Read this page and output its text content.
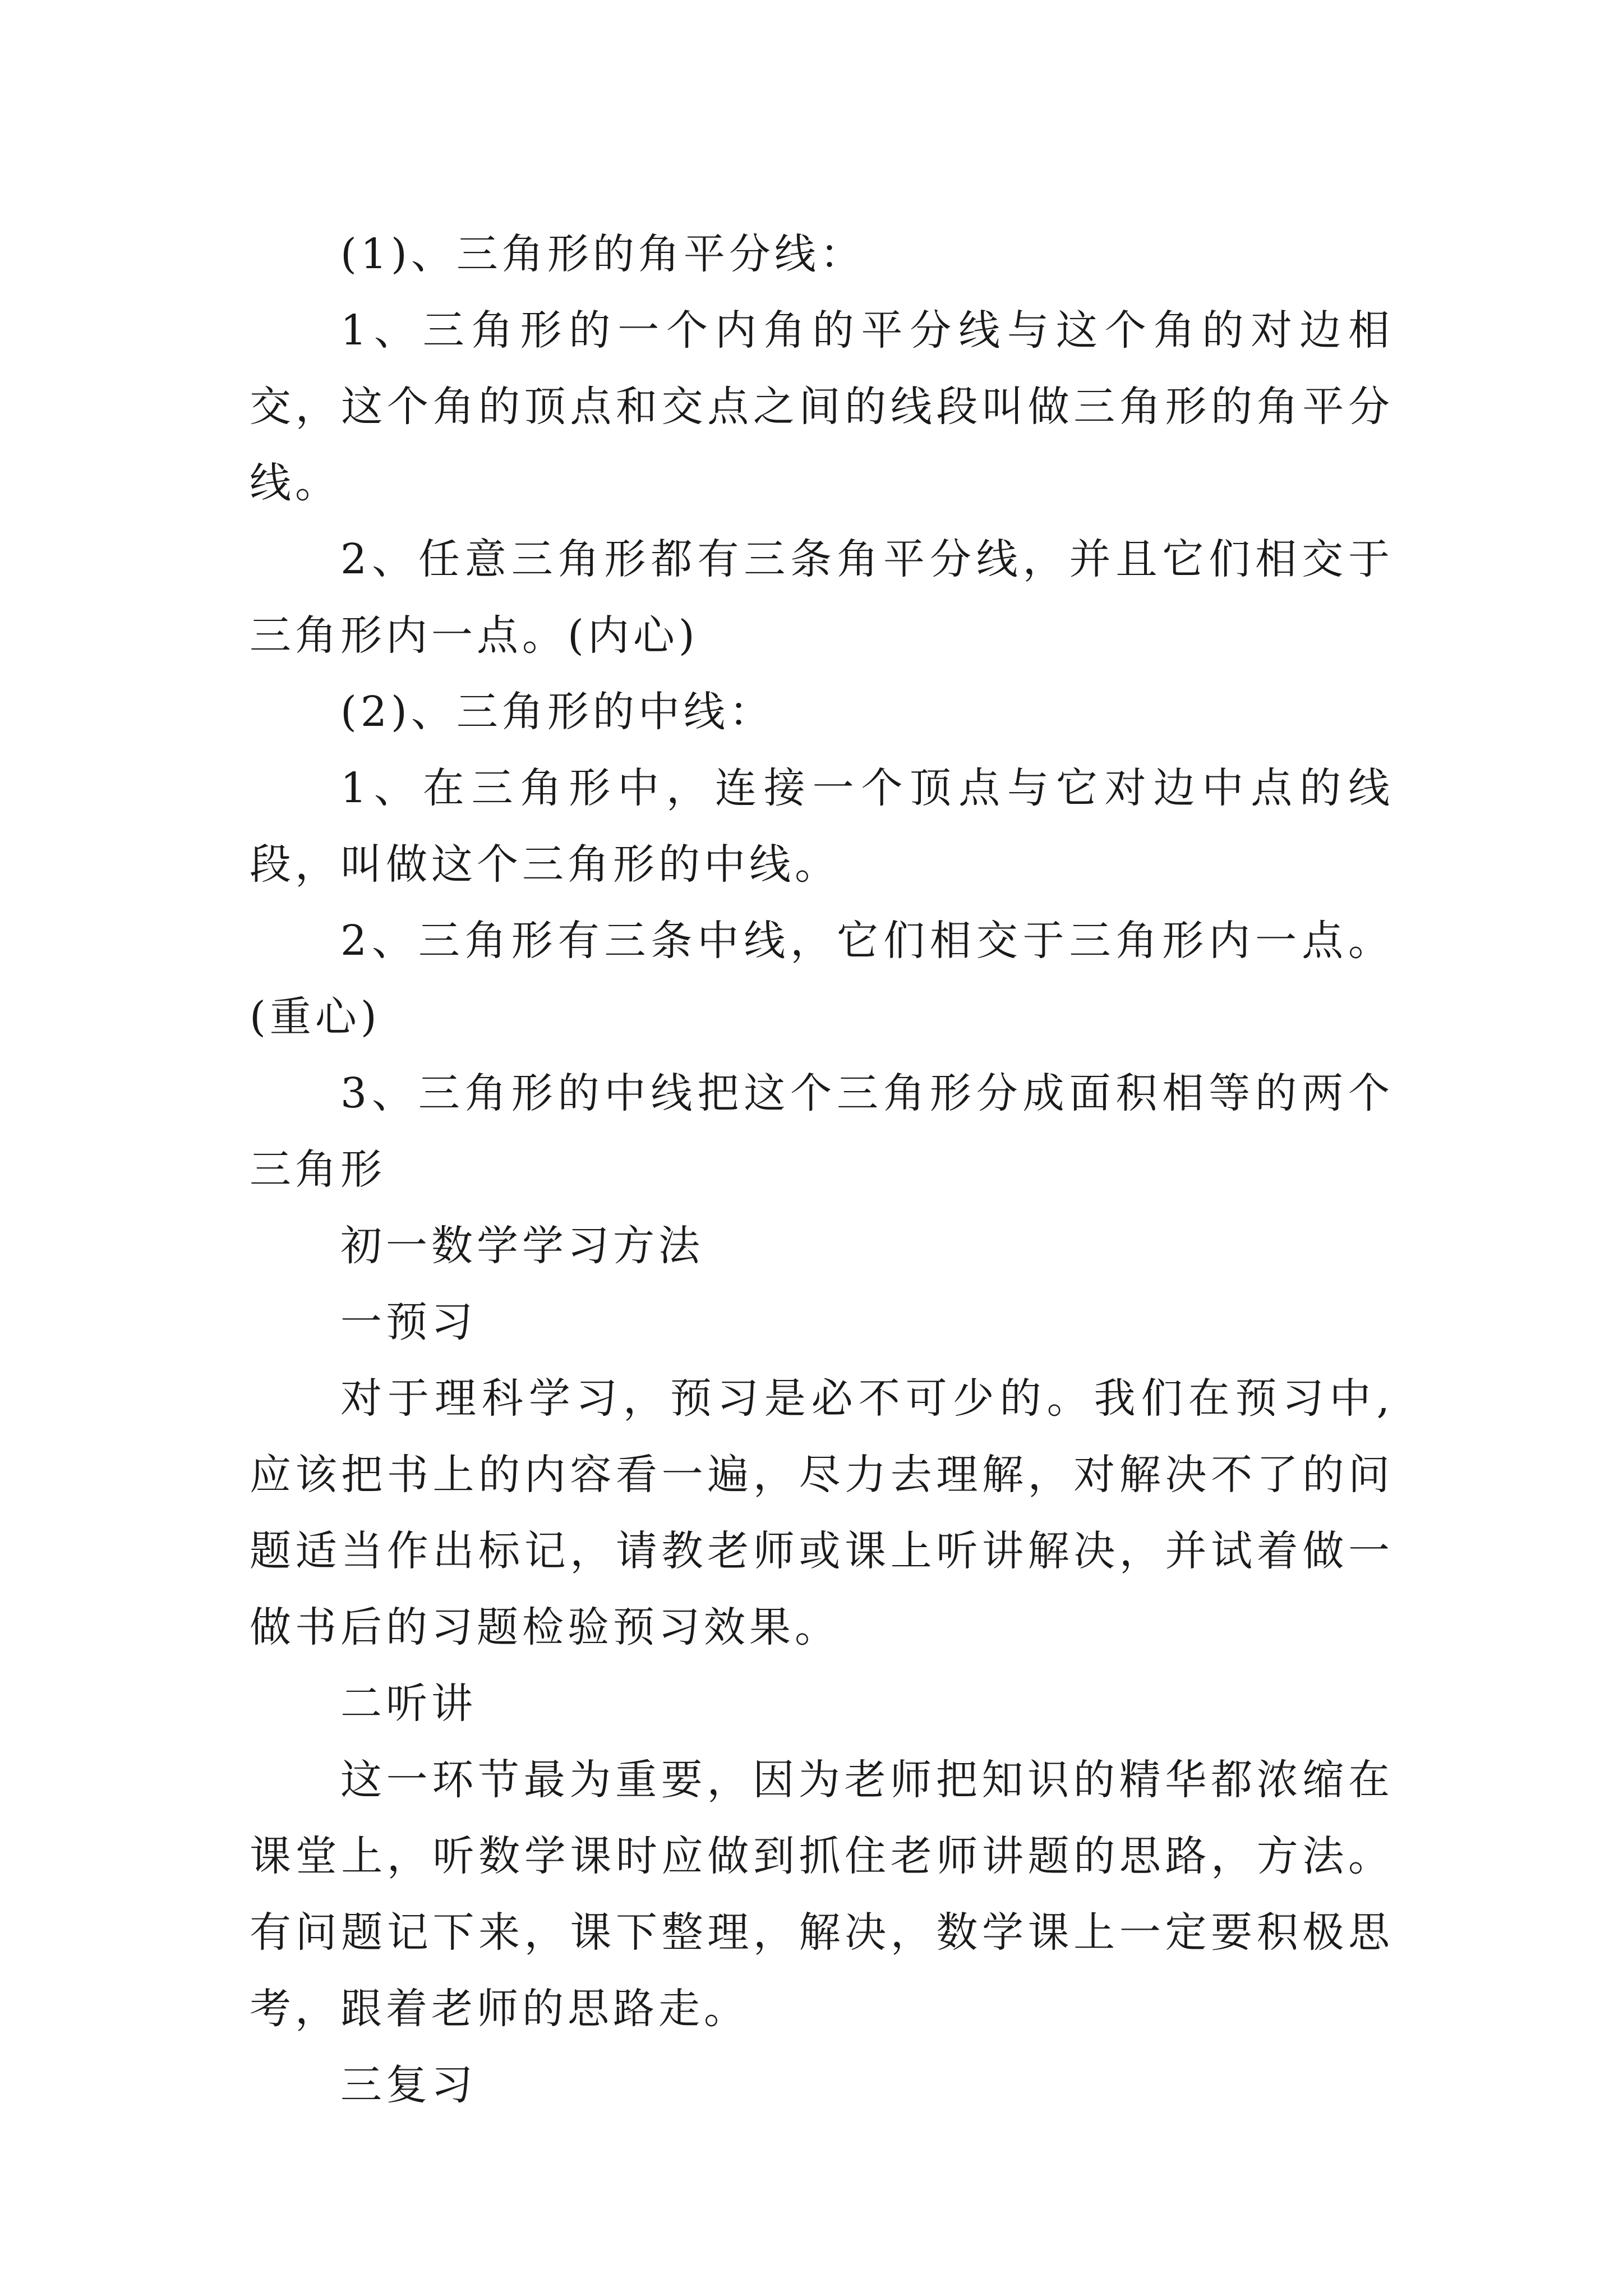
(1)、三角形的角平分线：

1、三角形的一个内角的平分线与这个角的对边相交，这个角的顶点和交点之间的线段叫做三角形的角平分线。

2、任意三角形都有三条角平分线，并且它们相交于三角形内一点。(内心)

(2)、三角形的中线：

1、在三角形中，连接一个顶点与它对边中点的线段，叫做这个三角形的中线。

2、三角形有三条中线，它们相交于三角形内一点。(重心)

3、三角形的中线把这个三角形分成面积相等的两个三角形

初一数学学习方法

一预习

对于理科学习，预习是必不可少的。我们在预习中,应该把书上的内容看一遍，尽力去理解，对解决不了的问题适当作出标记，请教老师或课上听讲解决，并试着做一做书后的习题检验预习效果。

二听讲

这一环节最为重要，因为老师把知识的精华都浓缩在课堂上，听数学课时应做到抓住老师讲题的思路，方法。有问题记下来，课下整理，解决，数学课上一定要积极思考，跟着老师的思路走。

三复习
